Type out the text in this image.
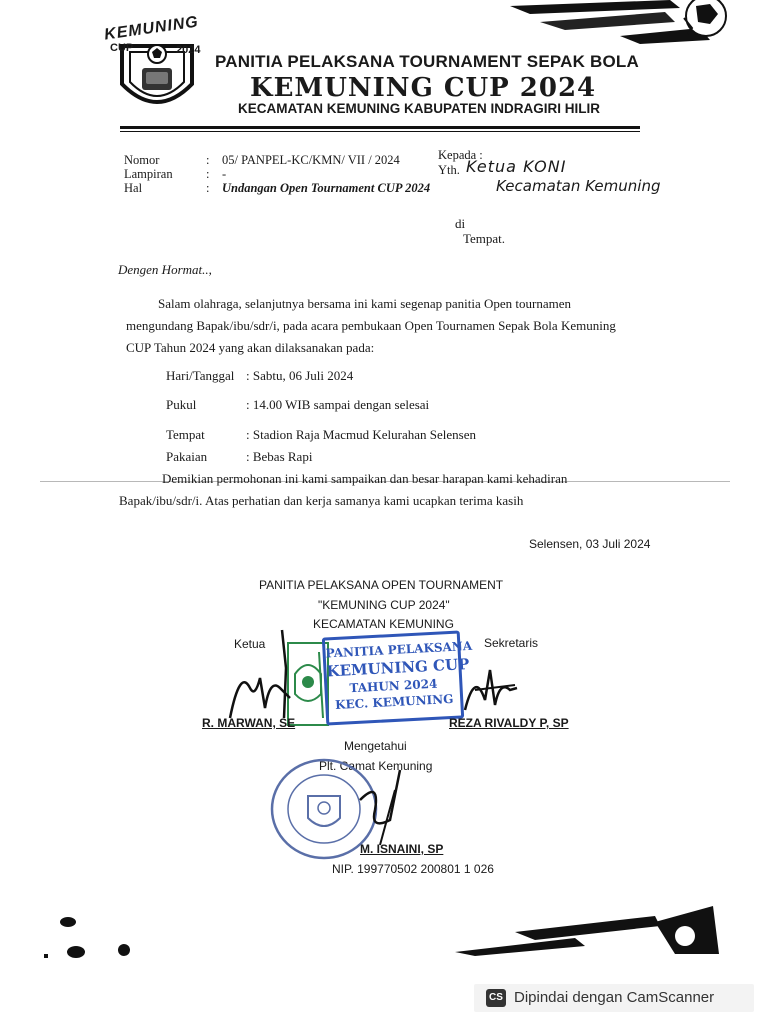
KEMUNING
CUP	2024
PANITIA PELAKSANA TOURNAMENT SEPAK BOLA
KEMUNING CUP 2024
KECAMATAN KEMUNING KABUPATEN INDRAGIRI HILIR
Nomor	: 05/ PANPEL-KC/KMN/ VII / 2024
Lampiran	: -
Hal	: Undangan Open Tournament CUP 2024
Kepada :
Yth. Ketua KONI
Kecamatan Kemuning
di
Tempat.
Dengen Hormat..,
Salam olahraga, selanjutnya bersama ini kami segenap panitia Open tournamen
mengundang Bapak/ibu/sdr/i, pada acara pembukaan Open Tournamen Sepak Bola Kemuning
CUP Tahun 2024 yang akan dilaksanakan pada:
Hari/Tanggal : Sabtu, 06 Juli 2024
Pukul	: 14.00 WIB sampai dengan selesai
Tempat	: Stadion Raja Macmud Kelurahan Selensen
Pakaian	: Bebas Rapi
Demikian permohonan ini kami sampaikan dan besar harapan kami kehadiran
Bapak/ibu/sdr/i. Atas perhatian dan kerja samanya kami ucapkan terima kasih
Selensen, 03 Juli 2024
PANITIA PELAKSANA OPEN TOURNAMENT
"KEMUNING CUP 2024"
KECAMATAN KEMUNING
Ketua	Sekretaris
PANITIA PELAKSANA
KEMUNING CUP
TAHUN 2024
KEC. KEMUNING
R. MARWAN, SE	REZA RIVALDY P, SP
Mengetahui
Plt. Camat Kemuning
M. ISNAINI, SP
NIP. 199770502 200801 1 026
CS Dipindai dengan CamScanner
